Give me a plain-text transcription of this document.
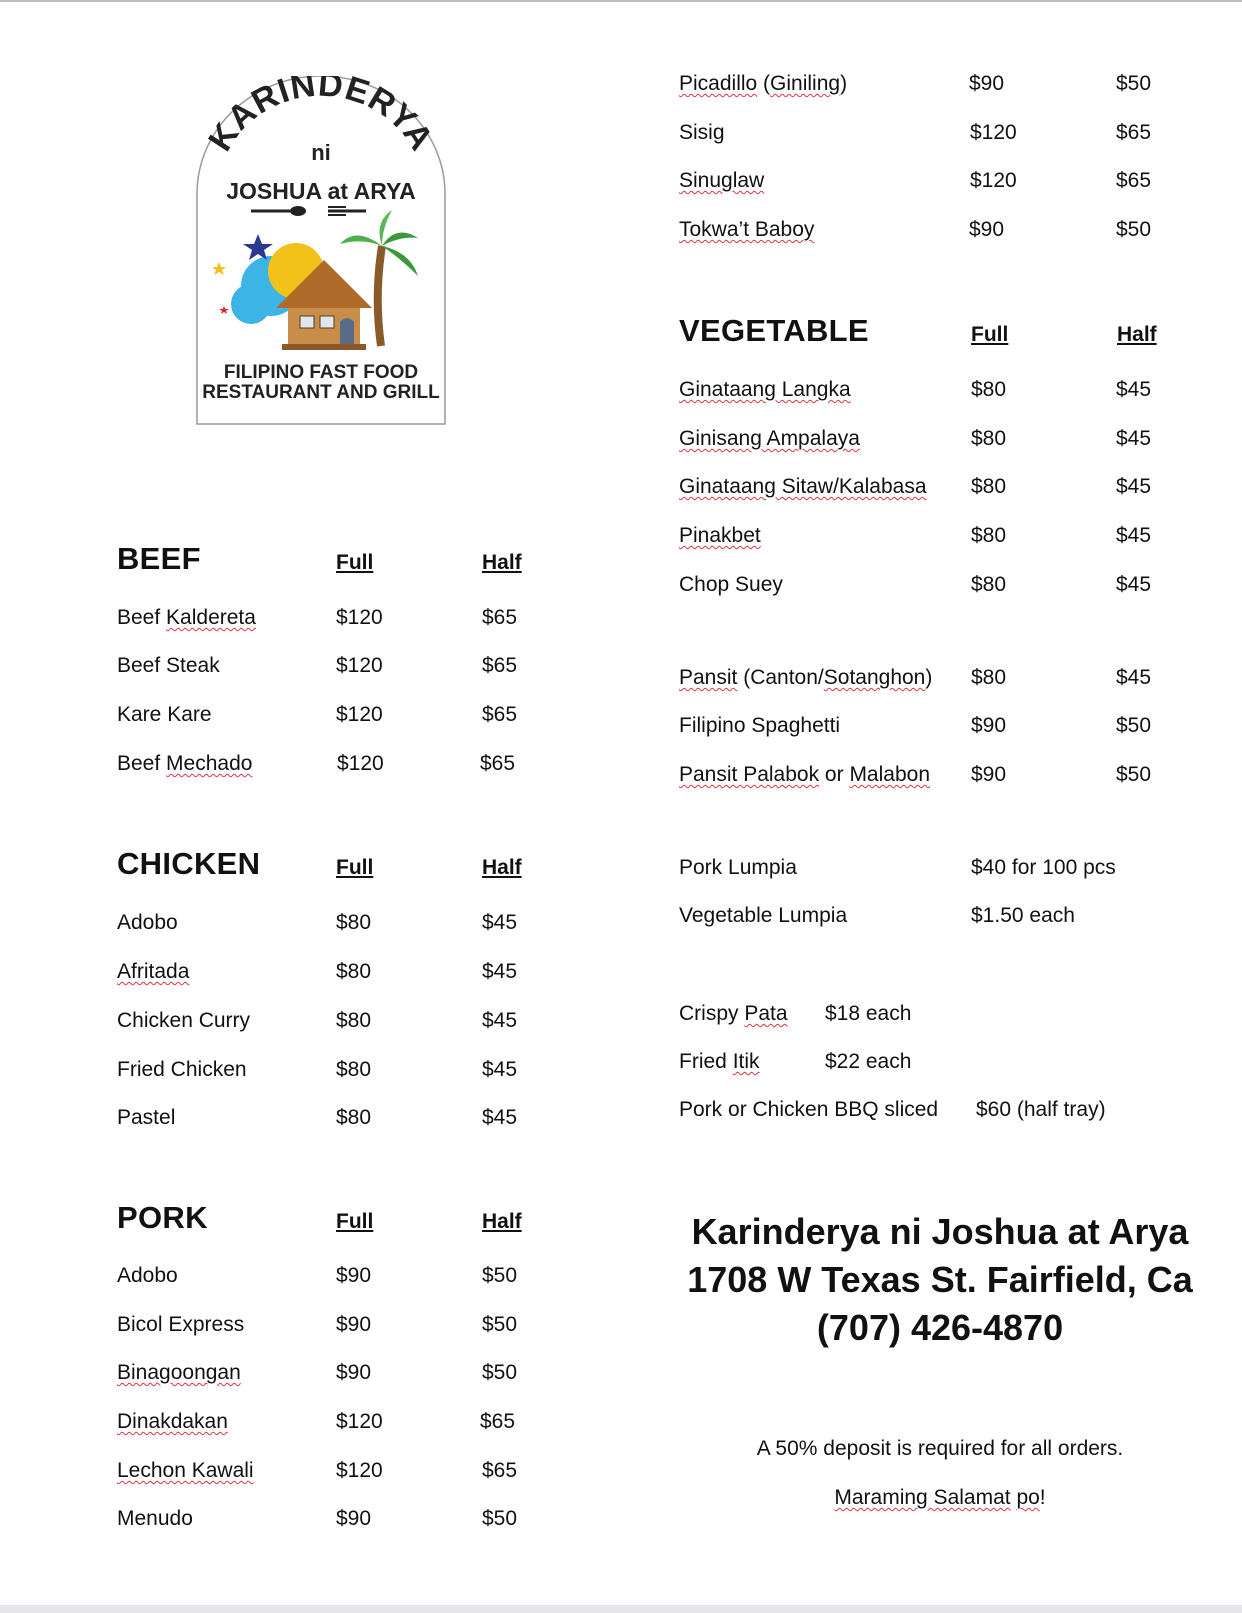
KARINDERYA
ni
JOSHUA at ARYA
FILIPINO FAST FOOD
RESTAURANT AND GRILL
BEEF	Full	Half
Beef Kaldereta	$120	$65
Beef Steak	$120	$65
Kare Kare	$120	$65
Beef Mechado	$120	$65
CHICKEN	Full	Half
Adobo	$80	$45
Afritada	$80	$45
Chicken Curry	$80	$45
Fried Chicken	$80	$45
Pastel	$80	$45
PORK	Full	Half
Adobo	$90	$50
Bicol Express	$90	$50
Binagoongan	$90	$50
Dinakdakan	$120	$65
Lechon Kawali	$120	$65
Menudo	$90	$50
Picadillo (Giniling)	$90	$50
Sisig	$120	$65
Sinuglaw	$120	$65
Tokwa’t Baboy	$90	$50
VEGETABLE	Full	Half
Ginataang Langka	$80	$45
Ginisang Ampalaya	$80	$45
Ginataang Sitaw/Kalabasa $80	$45
Pinakbet	$80	$45
Chop Suey	$80	$45
Pansit (Canton/Sotanghon) $80	$45
Filipino Spaghetti	$90	$50
Pansit Palabok or Malabon $90	$50
Pork Lumpia	$40 for 100 pcs
Vegetable Lumpia	$1.50 each
Crispy Pata $18 each
Fried Itik	$22 each
Pork or Chicken BBQ sliced $60 (half tray)
Karinderya ni Joshua at Arya
1708 W Texas St. Fairfield, Ca
(707) 426-4870
A 50% deposit is required for all orders.
Maraming Salamat po!
